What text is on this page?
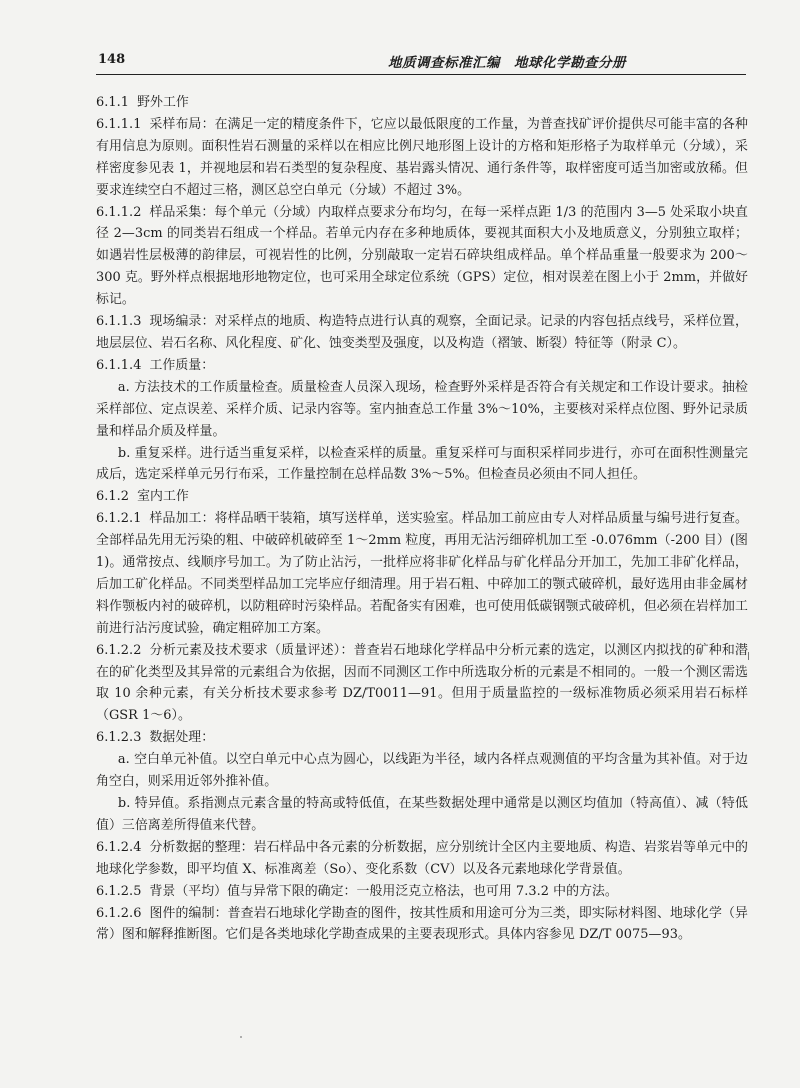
148	地质调查标准汇编　地球化学勘查分册

6.1.1 野外工作

6.1.1.1 采样布局：在满足一定的精度条件下，它应以最低限度的工作量，为普查找矿评价提供尽可能丰富的各种有用信息为原则。面积性岩石测量的采样以在相应比例尺地形图上设计的方格和矩形格子为取样单元（分域），采样密度参见表 1，并视地层和岩石类型的复杂程度、基岩露头情况、通行条件等，取样密度可适当加密或放稀。但要求连续空白不超过三格，测区总空白单元（分域）不超过 3%。

6.1.1.2 样品采集：每个单元（分域）内取样点要求分布均匀，在每一采样点距 1/3 的范围内 3—5 处采取小块直径 2—3cm 的同类岩石组成一个样品。若单元内存在多种地质体，要视其面积大小及地质意义，分别独立取样；如遇岩性层极薄的韵律层，可视岩性的比例，分别敲取一定岩石碎块组成样品。单个样品重量一般要求为 200～300 克。野外样点根据地形地物定位，也可采用全球定位系统（GPS）定位，相对误差在图上小于 2mm，并做好标记。

6.1.1.3 现场编录：对采样点的地质、构造特点进行认真的观察，全面记录。记录的内容包括点线号，采样位置，地层层位、岩石名称、风化程度、矿化、蚀变类型及强度，以及构造（褶皱、断裂）特征等（附录 C）。

6.1.1.4 工作质量：

a. 方法技术的工作质量检查。质量检查人员深入现场，检查野外采样是否符合有关规定和工作设计要求。抽检采样部位、定点误差、采样介质、记录内容等。室内抽查总工作量 3%～10%，主要核对采样点位图、野外记录质量和样品介质及样量。

b. 重复采样。进行适当重复采样，以检查采样的质量。重复采样可与面积采样同步进行，亦可在面积性测量完成后，选定采样单元另行布采，工作量控制在总样品数 3%～5%。但检查员必须由不同人担任。

6.1.2 室内工作

6.1.2.1 样品加工：将样品晒干装箱，填写送样单，送实验室。样品加工前应由专人对样品质量与编号进行复查。全部样品先用无污染的粗、中破碎机破碎至 1～2mm 粒度，再用无沾污细碎机加工至 -0.076mm（-200 目）(图 1)。通常按点、线顺序号加工。为了防止沾污，一批样应将非矿化样品与矿化样品分开加工，先加工非矿化样品，后加工矿化样品。不同类型样品加工完毕应仔细清理。用于岩石粗、中碎加工的颚式破碎机，最好选用由非金属材料作颚板内衬的破碎机，以防粗碎时污染样品。若配备实有困难，也可使用低碳钢颚式破碎机，但必须在岩样加工前进行沾污度试验，确定粗碎加工方案。

6.1.2.2 分析元素及技术要求（质量评述）：普查岩石地球化学样品中分析元素的选定，以测区内拟找的矿种和潜在的矿化类型及其异常的元素组合为依据，因而不同测区工作中所选取分析的元素是不相同的。一般一个测区需选取 10 余种元素，有关分析技术要求参考 DZ/T0011—91。但用于质量监控的一级标准物质必须采用岩石标样（GSR 1～6）。

6.1.2.3 数据处理：

a. 空白单元补值。以空白单元中心点为圆心，以线距为半径，域内各样点观测值的平均含量为其补值。对于边角空白，则采用近邻外推补值。

b. 特异值。系指测点元素含量的特高或特低值，在某些数据处理中通常是以测区均值加（特高值）、减（特低值）三倍离差所得值来代替。

6.1.2.4 分析数据的整理：岩石样品中各元素的分析数据，应分别统计全区内主要地质、构造、岩浆岩等单元中的地球化学参数，即平均值 X、标准离差（So）、变化系数（CV）以及各元素地球化学背景值。

6.1.2.5 背景（平均）值与异常下限的确定：一般用泛克立格法，也可用 7.3.2 中的方法。

6.1.2.6 图件的编制：普查岩石地球化学勘查的图件，按其性质和用途可分为三类，即实际材料图、地球化学（异常）图和解释推断图。它们是各类地球化学勘查成果的主要表现形式。具体内容参见 DZ/T 0075—93。
